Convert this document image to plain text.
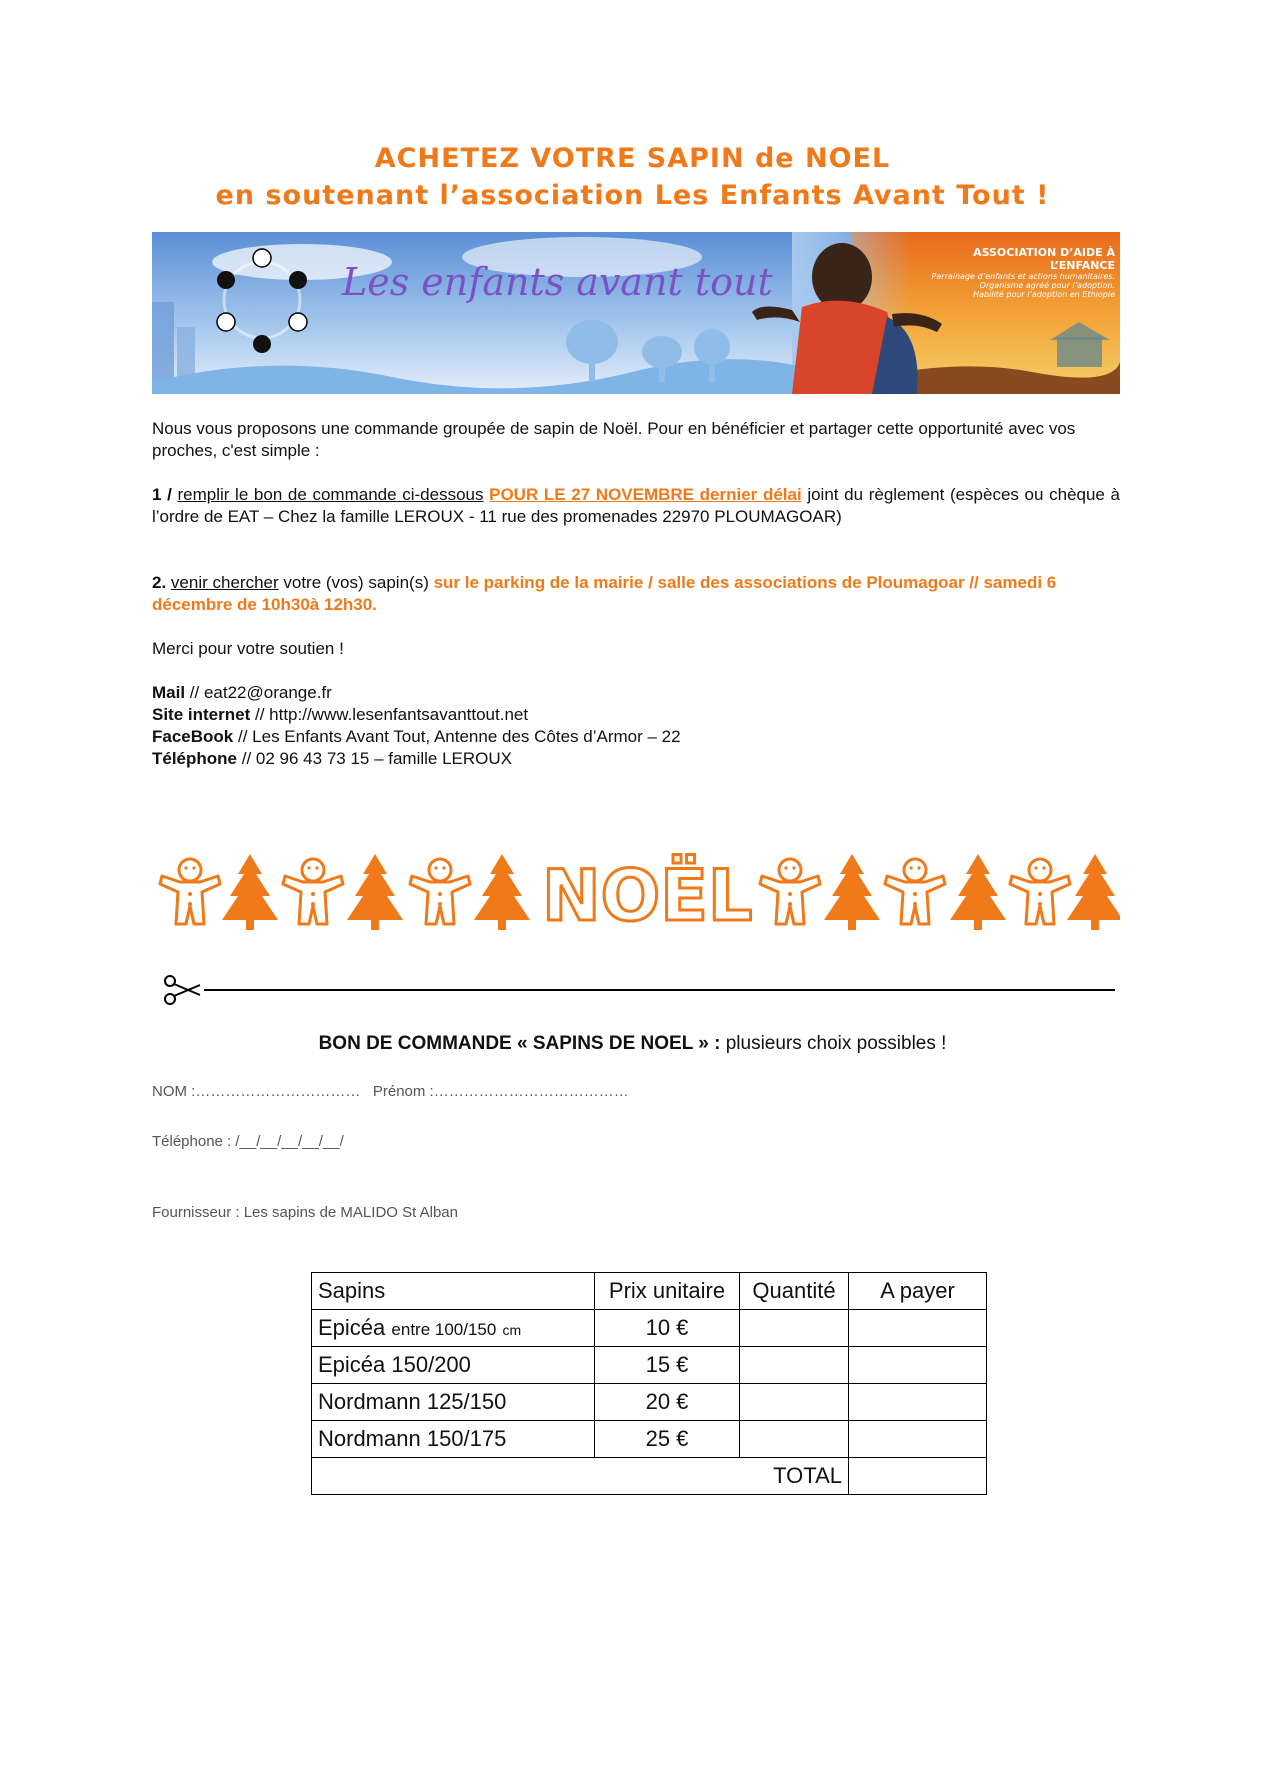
ACHETEZ VOTRE SAPIN de NOEL
en soutenant l’association Les Enfants Avant Tout !
Les enfants avant tout
ASSOCIATION D’AIDE À L’ENFANCE
Parrainage d’enfants et actions humanitaires.
Organisme agréé pour l’adoption.
Habilité pour l’adoption en Ethiopie
Nous vous proposons une commande groupée de sapin de Noël. Pour en bénéficier et partager cette opportunité avec vos proches, c'est simple :
1 / remplir le bon de commande ci-dessous POUR LE 27 NOVEMBRE dernier délai joint du règlement (espèces ou chèque à l’ordre de EAT – Chez la famille LEROUX - 11 rue des promenades 22970 PLOUMAGOAR)
2. venir chercher votre (vos) sapin(s) sur le parking de la mairie / salle des associations de Ploumagoar // samedi 6 décembre de 10h30à 12h30.
Merci pour votre soutien !
Mail // eat22@orange.fr
Site internet // http://www.lesenfantsavanttout.net
FaceBook // Les Enfants Avant Tout, Antenne des Côtes d’Armor – 22
Téléphone // 02 96 43 73 15 – famille LEROUX
NOËL
BON DE COMMANDE « SAPINS DE NOEL » : plusieurs choix possibles !
NOM :…………………………… Prénom :…………………………………
Téléphone : /__/__/__/__/__/
Fournisseur : Les sapins de MALIDO St Alban
Sapins	Prix unitaire	Quantité	A payer
Epicéa entre 100/150 cm	10 €		
Epicéa 150/200	15 €		
Nordmann 125/150	20 €		
Nordmann 150/175	25 €		
TOTAL			
